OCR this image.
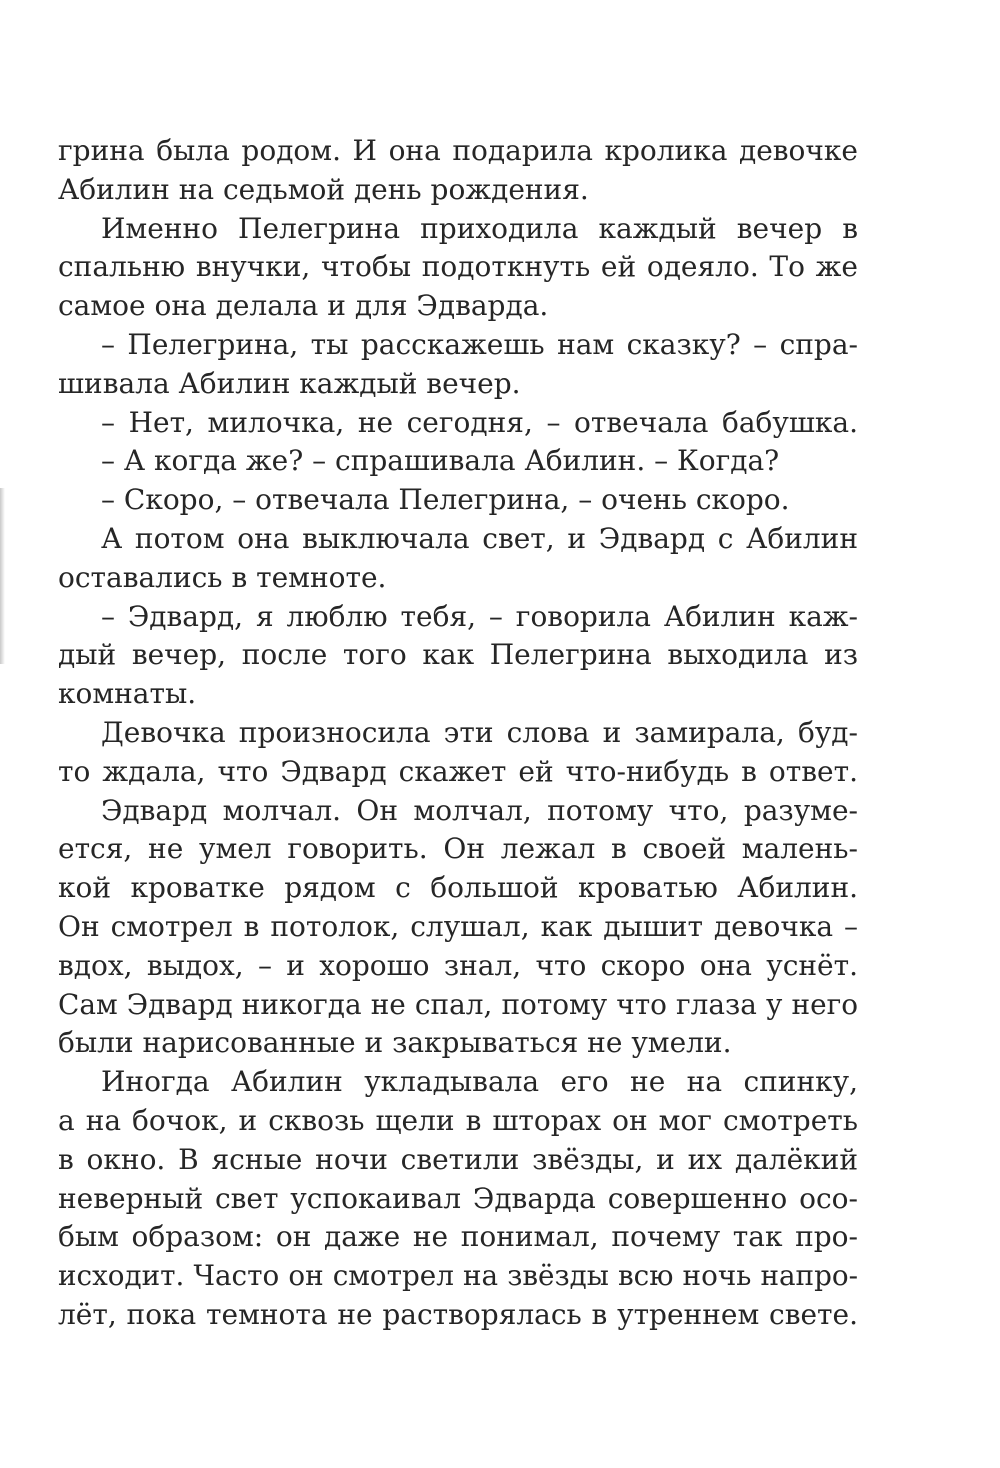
грина была родом. И она подарила кролика девочке
Абилин на седьмой день рождения.
Именно Пелегрина приходила каждый вечер в
спальню внучки, чтобы подоткнуть ей одеяло. То же
самое она делала и для Эдварда.
– Пелегрина, ты расскажешь нам сказку? – спра-
шивала Абилин каждый вечер.
– Нет, милочка, не сегодня, – отвечала бабушка.
– А когда же? – спрашивала Абилин. – Когда?
– Скоро, – отвечала Пелегрина, – очень скоро.
А потом она выключала свет, и Эдвард с Абилин
оставались в темноте.
– Эдвард, я люблю тебя, – говорила Абилин каж-
дый вечер, после того как Пелегрина выходила из
комнаты.
Девочка произносила эти слова и замирала, буд-
то ждала, что Эдвард скажет ей что-нибудь в ответ.
Эдвард молчал. Он молчал, потому что, разуме-
ется, не умел говорить. Он лежал в своей малень-
кой кроватке рядом с большой кроватью Абилин.
Он смотрел в потолок, слушал, как дышит девочка –
вдох, выдох, – и хорошо знал, что скоро она уснёт.
Сам Эдвард никогда не спал, потому что глаза у него
были нарисованные и закрываться не умели.
Иногда Абилин укладывала его не на спинку,
а на бочок, и сквозь щели в шторах он мог смотреть
в окно. В ясные ночи светили звёзды, и их далёкий
неверный свет успокаивал Эдварда совершенно осо-
бым образом: он даже не понимал, почему так про-
исходит. Часто он смотрел на звёзды всю ночь напро-
лёт, пока темнота не растворялась в утреннем свете.
